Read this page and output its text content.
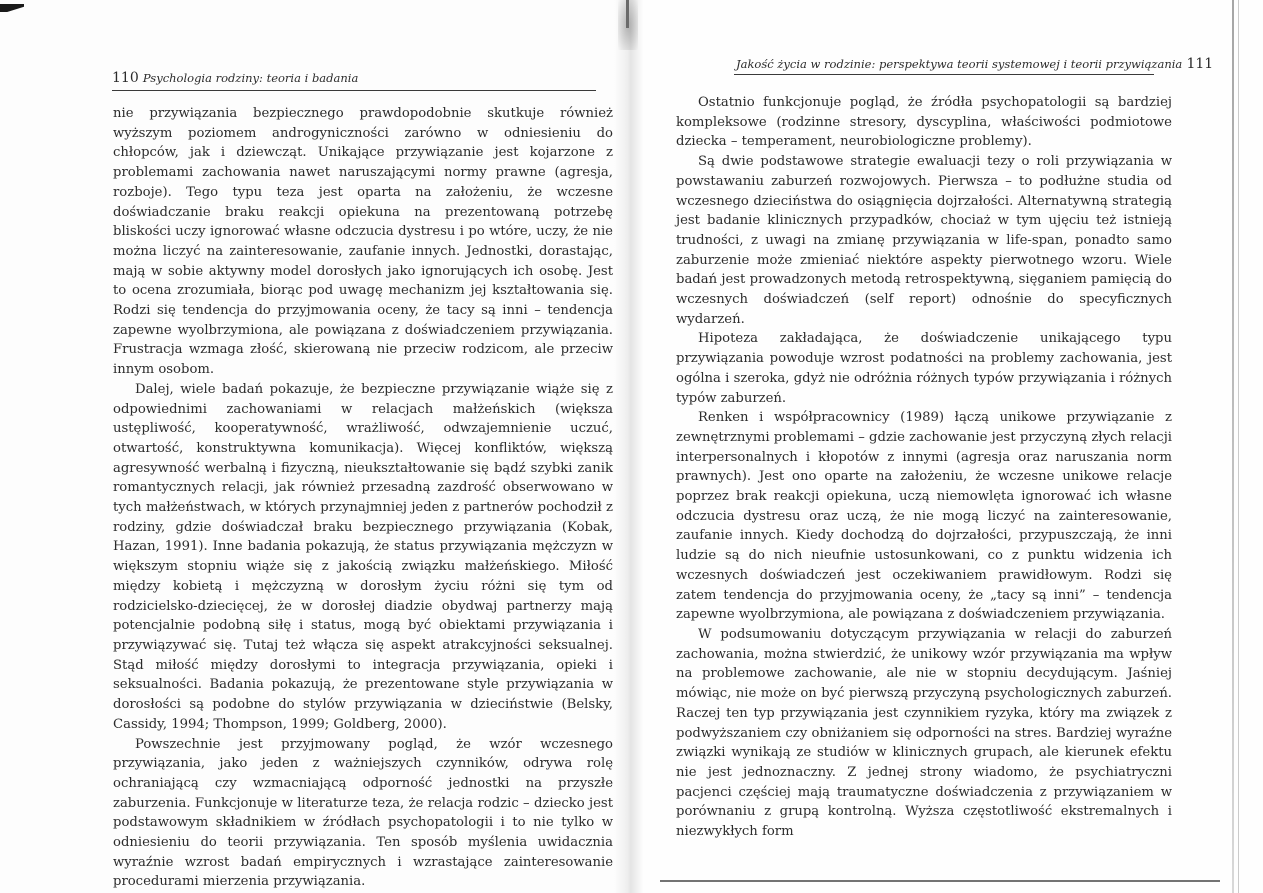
110 Psychologia rodziny: teoria i badania
Jakość życia w rodzinie: perspektywa teorii systemowej i teorii przywiązania 111

nie przywiązania bezpiecznego prawdopodobnie skutkuje również wyższym poziomem androgyniczności zarówno w odniesieniu do chłopców, jak i dziewcząt. Unikające przywiązanie jest kojarzone z problemami zachowania nawet naruszającymi normy prawne (agresja, rozboje). Tego typu teza jest oparta na założeniu, że wczesne doświadczanie braku reakcji opiekuna na prezentowaną potrzebę bliskości uczy ignorować własne odczucia dystresu i po wtóre, uczy, że nie można liczyć na zainteresowanie, zaufanie innych. Jednostki, dorastając, mają w sobie aktywny model dorosłych jako ignorujących ich osobę. Jest to ocena zrozumiała, biorąc pod uwagę mechanizm jej kształtowania się. Rodzi się tendencja do przyjmowania oceny, że tacy są inni – tendencja zapewne wyolbrzymiona, ale powiązana z doświadczeniem przywiązania. Frustracja wzmaga złość, skierowaną nie przeciw rodzicom, ale przeciw innym osobom.

Dalej, wiele badań pokazuje, że bezpieczne przywiązanie wiąże się z odpowiednimi zachowaniami w relacjach małżeńskich (większa ustępliwość, kooperatywność, wrażliwość, odwzajemnienie uczuć, otwartość, konstruktywna komunikacja). Więcej konfliktów, większą agresywność werbalną i fizyczną, nieukształtowanie się bądź szybki zanik romantycznych relacji, jak również przesadną zazdrość obserwowano w tych małżeństwach, w których przynajmniej jeden z partnerów pochodził z rodziny, gdzie doświadczał braku bezpiecznego przywiązania (Kobak, Hazan, 1991). Inne badania pokazują, że status przywiązania mężczyzn w większym stopniu wiąże się z jakością związku małżeńskiego. Miłość między kobietą i mężczyzną w dorosłym życiu różni się tym od rodzicielsko-dziecięcej, że w dorosłej diadzie obydwaj partnerzy mają potencjalnie podobną siłę i status, mogą być obiektami przywiązania i przywiązywać się. Tutaj też włącza się aspekt atrakcyjności seksualnej. Stąd miłość między dorosłymi to integracja przywiązania, opieki i seksualności. Badania pokazują, że prezentowane style przywiązania w dorosłości są podobne do stylów przywiązania w dzieciństwie (Belsky, Cassidy, 1994; Thompson, 1999; Goldberg, 2000).

Powszechnie jest przyjmowany pogląd, że wzór wczesnego przywiązania, jako jeden z ważniejszych czynników, odrywa rolę ochraniającą czy wzmacniającą odporność jednostki na przyszłe zaburzenia. Funkcjonuje w literaturze teza, że relacja rodzic – dziecko jest podstawowym składnikiem w źródłach psychopatologii i to nie tylko w odniesieniu do teorii przywiązania. Ten sposób myślenia uwidacznia wyraźnie wzrost badań empirycznych i wzrastające zainteresowanie procedurami mierzenia przywiązania.

Ostatnio funkcjonuje pogląd, że źródła psychopatologii są bardziej kompleksowe (rodzinne stresory, dyscyplina, właściwości podmiotowe dziecka – temperament, neurobiologiczne problemy).

Są dwie podstawowe strategie ewaluacji tezy o roli przywiązania w powstawaniu zaburzeń rozwojowych. Pierwsza – to podłużne studia od wczesnego dzieciństwa do osiągnięcia dojrzałości. Alternatywną strategią jest badanie klinicznych przypadków, chociaż w tym ujęciu też istnieją trudności, z uwagi na zmianę przywiązania w life-span, ponadto samo zaburzenie może zmieniać niektóre aspekty pierwotnego wzoru. Wiele badań jest prowadzonych metodą retrospektywną, sięganiem pamięcią do wczesnych doświadczeń (self report) odnośnie do specyficznych wydarzeń.

Hipoteza zakładająca, że doświadczenie unikającego typu przywiązania powoduje wzrost podatności na problemy zachowania, jest ogólna i szeroka, gdyż nie odróżnia różnych typów przywiązania i różnych typów zaburzeń.

Renken i współpracownicy (1989) łączą unikowe przywiązanie z zewnętrznymi problemami – gdzie zachowanie jest przyczyną złych relacji interpersonalnych i kłopotów z innymi (agresja oraz naruszania norm prawnych). Jest ono oparte na założeniu, że wczesne unikowe relacje poprzez brak reakcji opiekuna, uczą niemowlęta ignorować ich własne odczucia dystresu oraz uczą, że nie mogą liczyć na zainteresowanie, zaufanie innych. Kiedy dochodzą do dojrzałości, przypuszczają, że inni ludzie są do nich nieufnie ustosunkowani, co z punktu widzenia ich wczesnych doświadczeń jest oczekiwaniem prawidłowym. Rodzi się zatem tendencja do przyjmowania oceny, że „tacy są inni” – tendencja zapewne wyolbrzymiona, ale powiązana z doświadczeniem przywiązania.

W podsumowaniu dotyczącym przywiązania w relacji do zaburzeń zachowania, można stwierdzić, że unikowy wzór przywiązania ma wpływ na problemowe zachowanie, ale nie w stopniu decydującym. Jaśniej mówiąc, nie może on być pierwszą przyczyną psychologicznych zaburzeń. Raczej ten typ przywiązania jest czynnikiem ryzyka, który ma związek z podwyższaniem czy obniżaniem się odporności na stres. Bardziej wyraźne związki wynikają ze studiów w klinicznych grupach, ale kierunek efektu nie jest jednoznaczny. Z jednej strony wiadomo, że psychiatryczni pacjenci częściej mają traumatyczne doświadczenia z przywiązaniem w porównaniu z grupą kontrolną. Wyższa częstotliwość ekstremalnych i niezwykłych form
